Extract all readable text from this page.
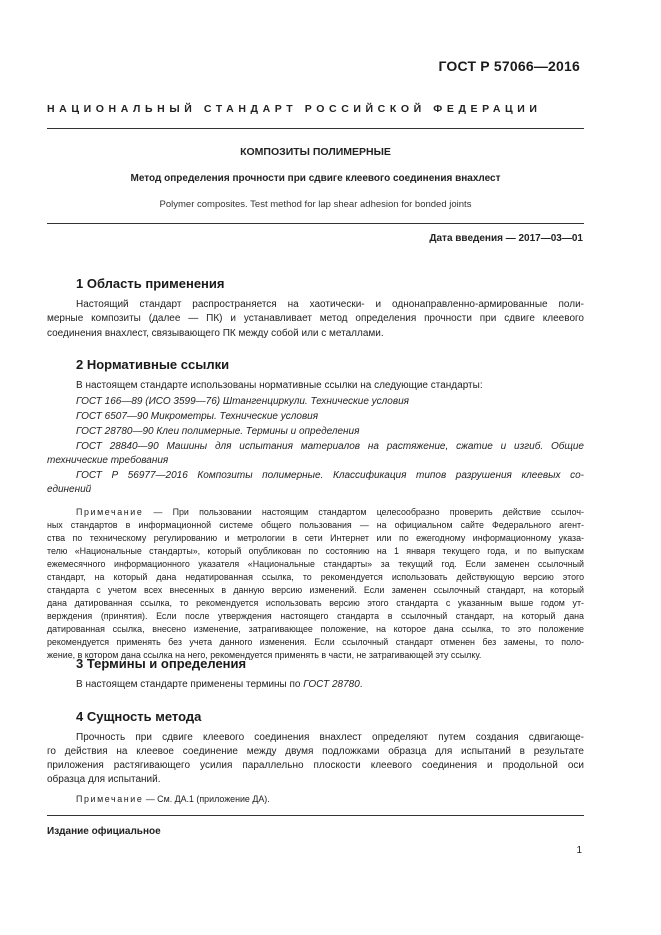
ГОСТ Р 57066—2016
НАЦИОНАЛЬНЫЙ СТАНДАРТ РОССИЙСКОЙ ФЕДЕРАЦИИ
КОМПОЗИТЫ ПОЛИМЕРНЫЕ
Метод определения прочности при сдвиге клеевого соединения внахлест
Polymer composites. Test method for lap shear adhesion for bonded joints
Дата введения — 2017—03—01
1 Область применения
Настоящий стандарт распространяется на хаотически- и однонаправленно-армированные поли-
мерные композиты (далее — ПК) и устанавливает метод определения прочности при сдвиге клеевого
соединения внахлест, связывающего ПК между собой или с металлами.
2 Нормативные ссылки
В настоящем стандарте использованы нормативные ссылки на следующие стандарты:
ГОСТ 166—89 (ИСО 3599—76) Штангенциркули. Технические условия
ГОСТ 6507—90 Микрометры. Технические условия
ГОСТ 28780—90 Клеи полимерные. Термины и определения
ГОСТ 28840—90 Машины для испытания материалов на растяжение, сжатие и изгиб. Общие
технические требования
ГОСТ Р 56977—2016 Композиты полимерные. Классификация типов разрушения клеевых со-
единений
Примечание — При пользовании настоящим стандартом целесообразно проверить действие ссылоч-
ных стандартов в информационной системе общего пользования — на официальном сайте Федерального агент-
ства по техническому регулированию и метрологии в сети Интернет или по ежегодному информационному указа-
телю «Национальные стандарты», который опубликован по состоянию на 1 января текущего года, и по выпускам
ежемесячного информационного указателя «Национальные стандарты» за текущий год. Если заменен ссылочный
стандарт, на который дана недатированная ссылка, то рекомендуется использовать действующую версию этого
стандарта с учетом всех внесенных в данную версию изменений. Если заменен ссылочный стандарт, на который
дана датированная ссылка, то рекомендуется использовать версию этого стандарта с указанным выше годом ут-
верждения (принятия). Если после утверждения настоящего стандарта в ссылочный стандарт, на который дана
датированная ссылка, внесено изменение, затрагивающее положение, на которое дана ссылка, то это положение
рекомендуется применять без учета данного изменения. Если ссылочный стандарт отменен без замены, то поло-
жение, в котором дана ссылка на него, рекомендуется применять в части, не затрагивающей эту ссылку.
3 Термины и определения
В настоящем стандарте применены термины по ГОСТ 28780.
4 Сущность метода
Прочность при сдвиге клеевого соединения внахлест определяют путем создания сдвигающе-
го действия на клеевое соединение между двумя подложками образца для испытаний в результате
приложения растягивающего усилия параллельно плоскости клеевого соединения и продольной оси
образца для испытаний.
Примечание — См. ДА.1 (приложение ДА).
Издание официальное
1
